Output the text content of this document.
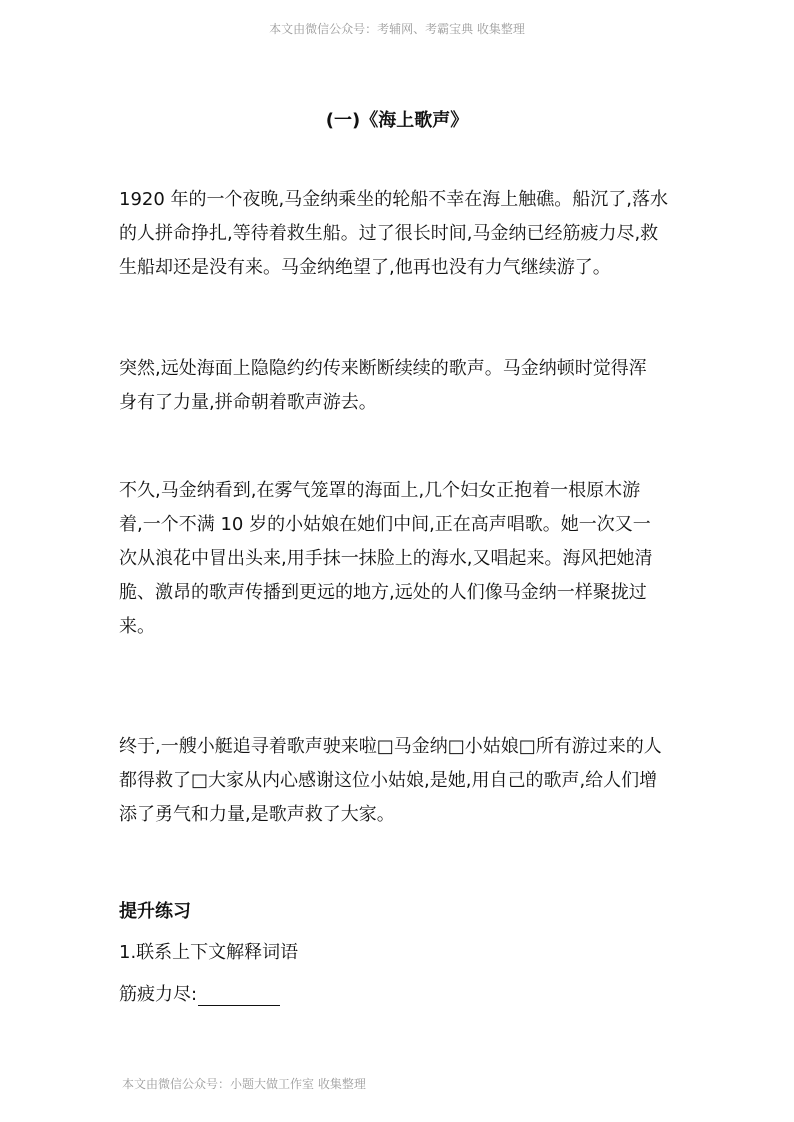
本文由微信公众号：考辅网、考霸宝典 收集整理
(一)《海上歌声》
1920 年的一个夜晚,马金纳乘坐的轮船不幸在海上触礁。船沉了,落水
的人拼命挣扎,等待着救生船。过了很长时间,马金纳已经筋疲力尽,救
生船却还是没有来。马金纳绝望了,他再也没有力气继续游了。
突然,远处海面上隐隐约约传来断断续续的歌声。马金纳顿时觉得浑
身有了力量,拼命朝着歌声游去。
不久,马金纳看到,在雾气笼罩的海面上,几个妇女正抱着一根原木游
着,一个不满 10 岁的小姑娘在她们中间,正在高声唱歌。她一次又一
次从浪花中冒出头来,用手抹一抹脸上的海水,又唱起来。海风把她清
脆、激昂的歌声传播到更远的地方,远处的人们像马金纳一样聚拢过
来。
终于,一艘小艇追寻着歌声驶来啦□马金纳□小姑娘□所有游过来的人
都得救了□大家从内心感谢这位小姑娘,是她,用自己的歌声,给人们增
添了勇气和力量,是歌声救了大家。
提升练习
1.联系上下文解释词语
筋疲力尽:
本文由微信公众号：小题大做工作室 收集整理
